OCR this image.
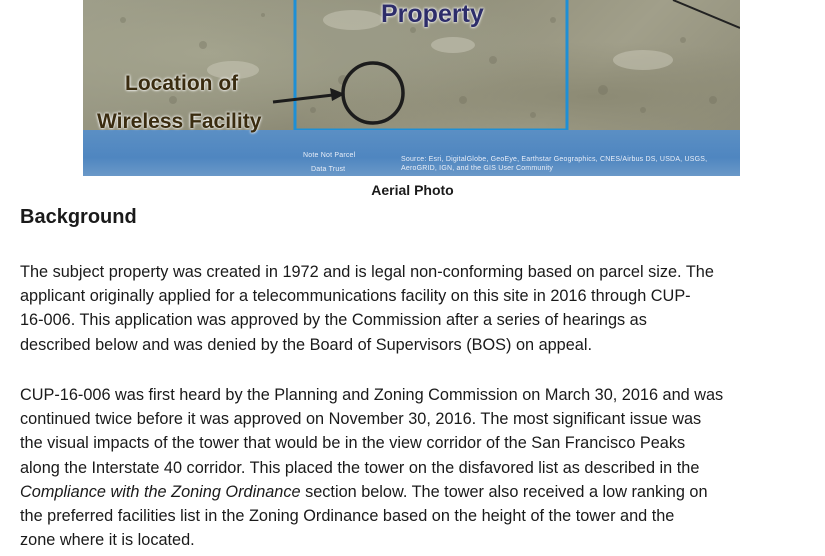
Note Not Parcel
Data Trust
Source: Esri, DigitalGlobe, GeoEye, Earthstar Geographics, CNES/Airbus DS, USDA, USGS,
AeroGRID, IGN, and the GIS User Community
Property
Location of
Wireless Facility
Aerial Photo
Background
The subject property was created in 1972 and is legal non-conforming based on parcel size. The
applicant originally applied for a telecommunications facility on this site in 2016 through CUP-
16-006. This application was approved by the Commission after a series of hearings as
described below and was denied by the Board of Supervisors (BOS) on appeal.
CUP-16-006 was first heard by the Planning and Zoning Commission on March 30, 2016 and was
continued twice before it was approved on November 30, 2016. The most significant issue was
the visual impacts of the tower that would be in the view corridor of the San Francisco Peaks
along the Interstate 40 corridor. This placed the tower on the disfavored list as described in the
Compliance with the Zoning Ordinance section below. The tower also received a low ranking on
the preferred facilities list in the Zoning Ordinance based on the height of the tower and the
zone where it is located.
